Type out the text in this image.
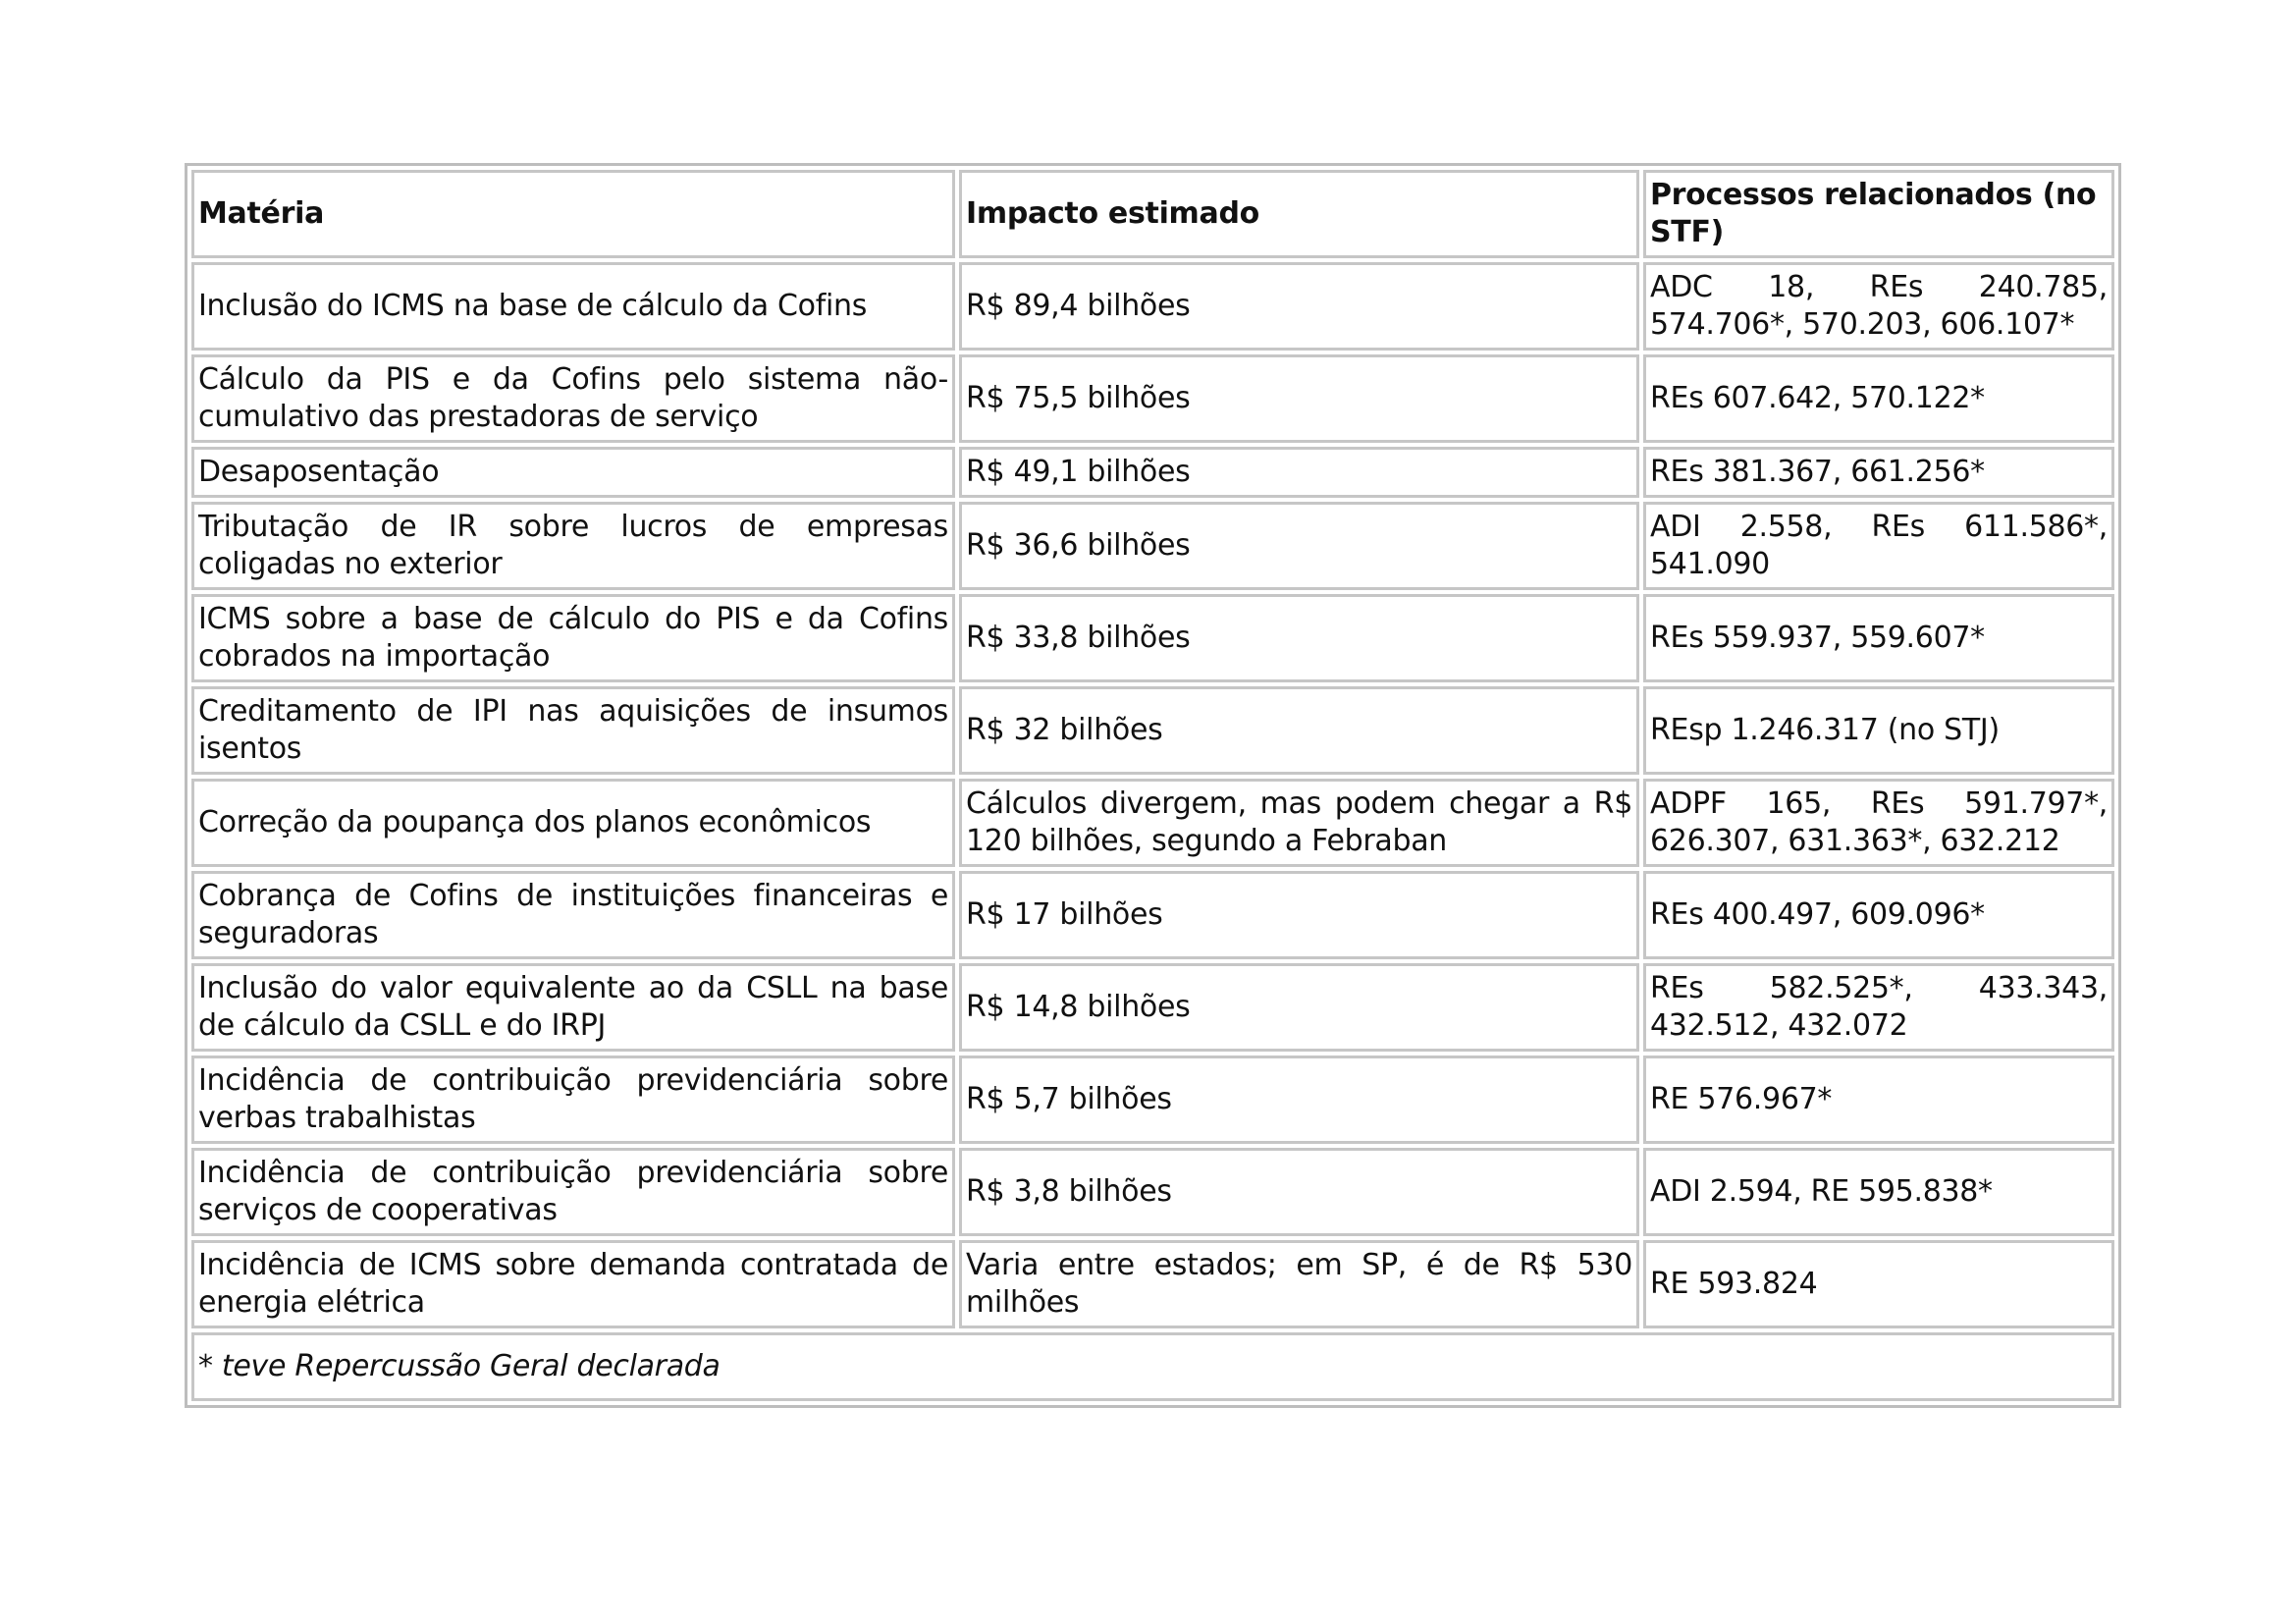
Matéria	Impacto estimado	Processos relacionados (no STF)
Inclusão do ICMS na base de cálculo da Cofins	R$ 89,4 bilhões	ADC 18, REs 240.785, 574.706*, 570.203, 606.107*
Cálculo da PIS e da Cofins pelo sistema não-cumulativo das prestadoras de serviço	R$ 75,5 bilhões	REs 607.642, 570.122*
Desaposentação	R$ 49,1 bilhões	REs 381.367, 661.256*
Tributação de IR sobre lucros de empresas coligadas no exterior	R$ 36,6 bilhões	ADI 2.558, REs 611.586*, 541.090
ICMS sobre a base de cálculo do PIS e da Cofins cobrados na importação	R$ 33,8 bilhões	REs 559.937, 559.607*
Creditamento de IPI nas aquisições de insumos isentos	R$ 32 bilhões	REsp 1.246.317 (no STJ)
Correção da poupança dos planos econômicos	Cálculos divergem, mas podem chegar a R$ 120 bilhões, segundo a Febraban	ADPF 165, REs 591.797*, 626.307, 631.363*, 632.212
Cobrança de Cofins de instituições financeiras e seguradoras	R$ 17 bilhões	REs 400.497, 609.096*
Inclusão do valor equivalente ao da CSLL na base de cálculo da CSLL e do IRPJ	R$ 14,8 bilhões	REs 582.525*, 433.343, 432.512, 432.072
Incidência de contribuição previdenciária sobre verbas trabalhistas	R$ 5,7 bilhões	RE 576.967*
Incidência de contribuição previdenciária sobre serviços de cooperativas	R$ 3,8 bilhões	ADI 2.594, RE 595.838*
Incidência de ICMS sobre demanda contratada de energia elétrica	Varia entre estados; em SP, é de R$ 530 milhões	RE 593.824
* teve Repercussão Geral declarada		
